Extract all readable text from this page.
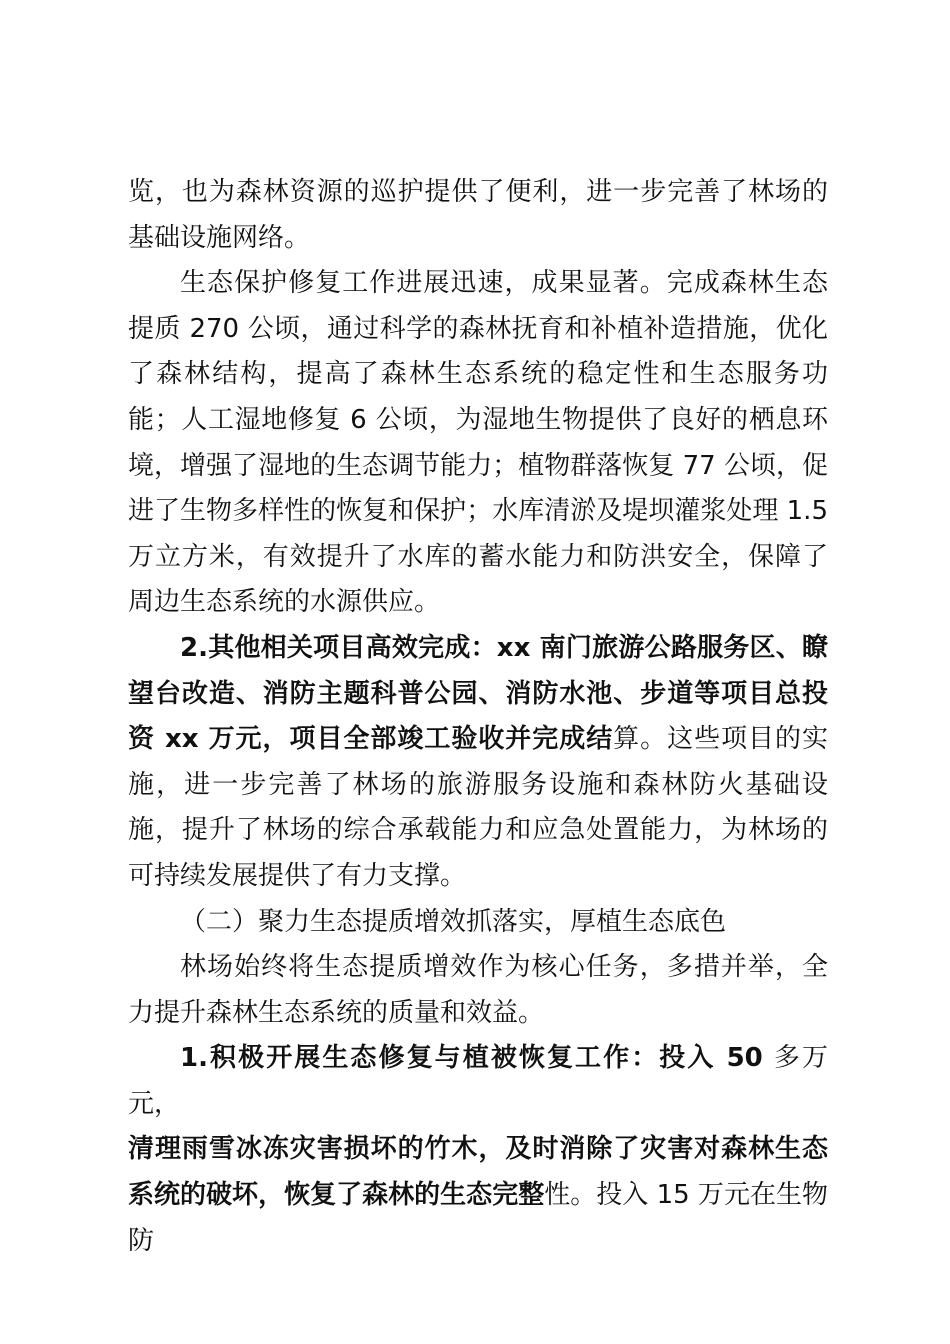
览，也为森林资源的巡护提供了便利，进一步完善了林场的基础设施网络。

生态保护修复工作进展迅速，成果显著。完成森林生态提质 270 公顷，通过科学的森林抚育和补植补造措施，优化了森林结构，提高了森林生态系统的稳定性和生态服务功能；人工湿地修复 6 公顷，为湿地生物提供了良好的栖息环境，增强了湿地的生态调节能力；植物群落恢复 77 公顷，促进了生物多样性的恢复和保护；水库清淤及堤坝灌浆处理 1.5 万立方米，有效提升了水库的蓄水能力和防洪安全，保障了周边生态系统的水源供应。

2.其他相关项目高效完成：xx 南门旅游公路服务区、瞭望台改造、消防主题科普公园、消防水池、步道等项目总投资 xx 万元，项目全部竣工验收并完成结算。这些项目的实施，进一步完善了林场的旅游服务设施和森林防火基础设施，提升了林场的综合承载能力和应急处置能力，为林场的可持续发展提供了有力支撑。

（二）聚力生态提质增效抓落实，厚植生态底色

林场始终将生态提质增效作为核心任务，多措并举，全力提升森林生态系统的质量和效益。

1.积极开展生态修复与植被恢复工作：投入 50 多万元，

清理雨雪冰冻灾害损坏的竹木，及时消除了灾害对森林生态系统的破坏，恢复了森林的生态完整性。投入 15 万元在生物防
